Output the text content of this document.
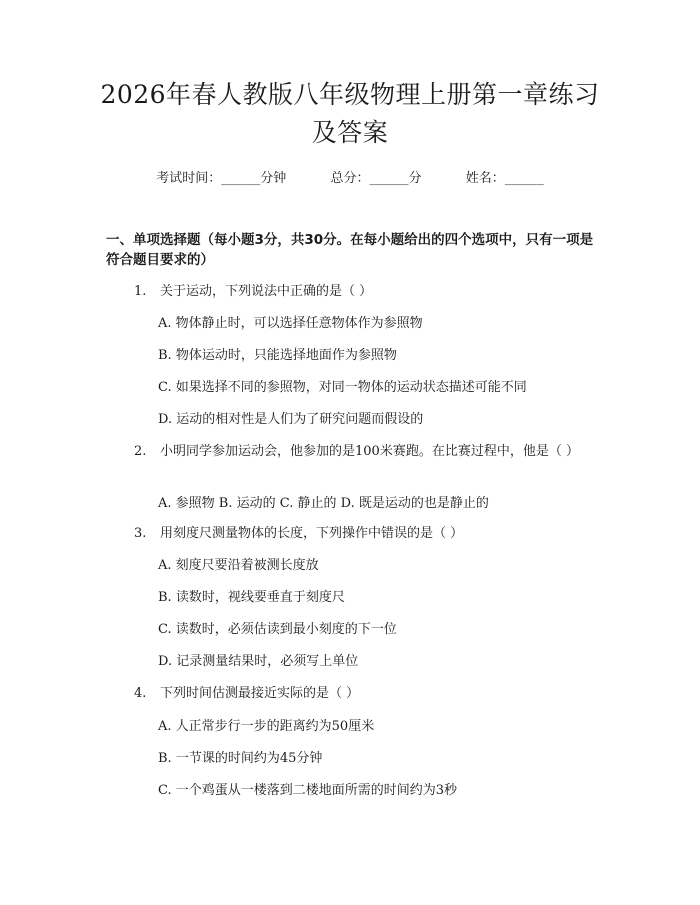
2026年春人教版八年级物理上册第一章练习
及答案
考试时间：______分钟	总分：______分	姓名：______
一、单项选择题（每小题3分，共30分。在每小题给出的四个选项中，只有一项是符合题目要求的）
1. 关于运动，下列说法中正确的是（ ）
A. 物体静止时，可以选择任意物体作为参照物
B. 物体运动时，只能选择地面作为参照物
C. 如果选择不同的参照物，对同一物体的运动状态描述可能不同
D. 运动的相对性是人们为了研究问题而假设的
2. 小明同学参加运动会，他参加的是100米赛跑。在比赛过程中，他是（ ）
A. 参照物 B. 运动的 C. 静止的 D. 既是运动的也是静止的
3. 用刻度尺测量物体的长度，下列操作中错误的是（ ）
A. 刻度尺要沿着被测长度放
B. 读数时，视线要垂直于刻度尺
C. 读数时，必须估读到最小刻度的下一位
D. 记录测量结果时，必须写上单位
4. 下列时间估测最接近实际的是（ ）
A. 人正常步行一步的距离约为50厘米
B. 一节课的时间约为45分钟
C. 一个鸡蛋从一楼落到二楼地面所需的时间约为3秒
